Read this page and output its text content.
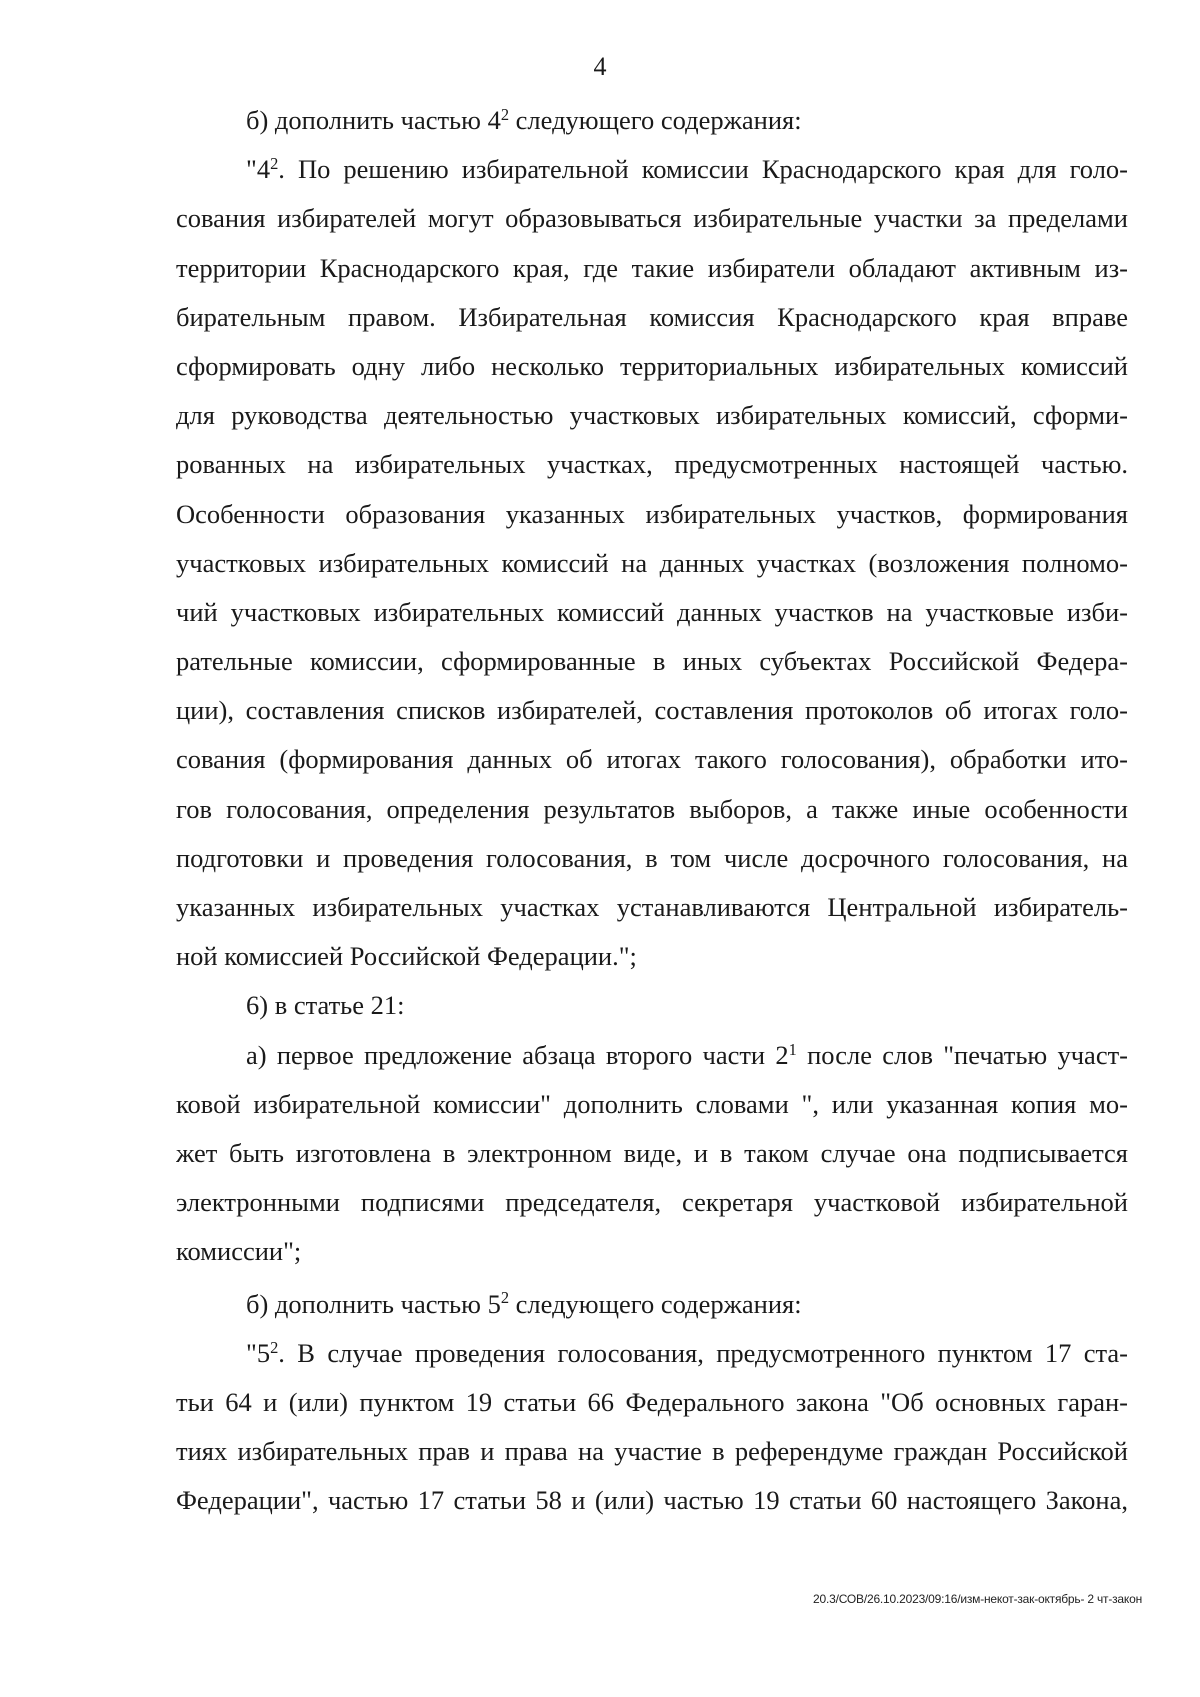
4
б) дополнить частью $4^2$ следующего содержания:
"$4^2$. По решению избирательной комиссии Краснодарского края для голо-
сования избирателей могут образовываться избирательные участки за пределами
территории Краснодарского края, где такие избиратели обладают активным из-
бирательным правом. Избирательная комиссия Краснодарского края вправе
сформировать одну либо несколько территориальных избирательных комиссий
для руководства деятельностью участковых избирательных комиссий, сформи-
рованных на избирательных участках, предусмотренных настоящей частью.
Особенности образования указанных избирательных участков, формирования
участковых избирательных комиссий на данных участках (возложения полномо-
чий участковых избирательных комиссий данных участков на участковые изби-
рательные комиссии, сформированные в иных субъектах Российской Федера-
ции), составления списков избирателей, составления протоколов об итогах голо-
сования (формирования данных об итогах такого голосования), обработки ито-
гов голосования, определения результатов выборов, а также иные особенности
подготовки и проведения голосования, в том числе досрочного голосования, на
указанных избирательных участках устанавливаются Центральной избиратель-
ной комиссией Российской Федерации.";
6) в статье 21:
а) первое предложение абзаца второго части $2^1$ после слов "печатью участ-
ковой избирательной комиссии" дополнить словами ", или указанная копия мо-
жет быть изготовлена в электронном виде, и в таком случае она подписывается
электронными подписями председателя, секретаря участковой избирательной
комиссии";
б) дополнить частью $5^2$ следующего содержания:
"$5^2$. В случае проведения голосования, предусмотренного пунктом 17 ста-
тьи 64 и (или) пунктом 19 статьи 66 Федерального закона "Об основных гаран-
тиях избирательных прав и права на участие в референдуме граждан Российской
Федерации", частью 17 статьи 58 и (или) частью 19 статьи 60 настоящего Закона,
20.3/СОВ/26.10.2023/09:16/изм-некот-зак-октябрь- 2 чт-закон
